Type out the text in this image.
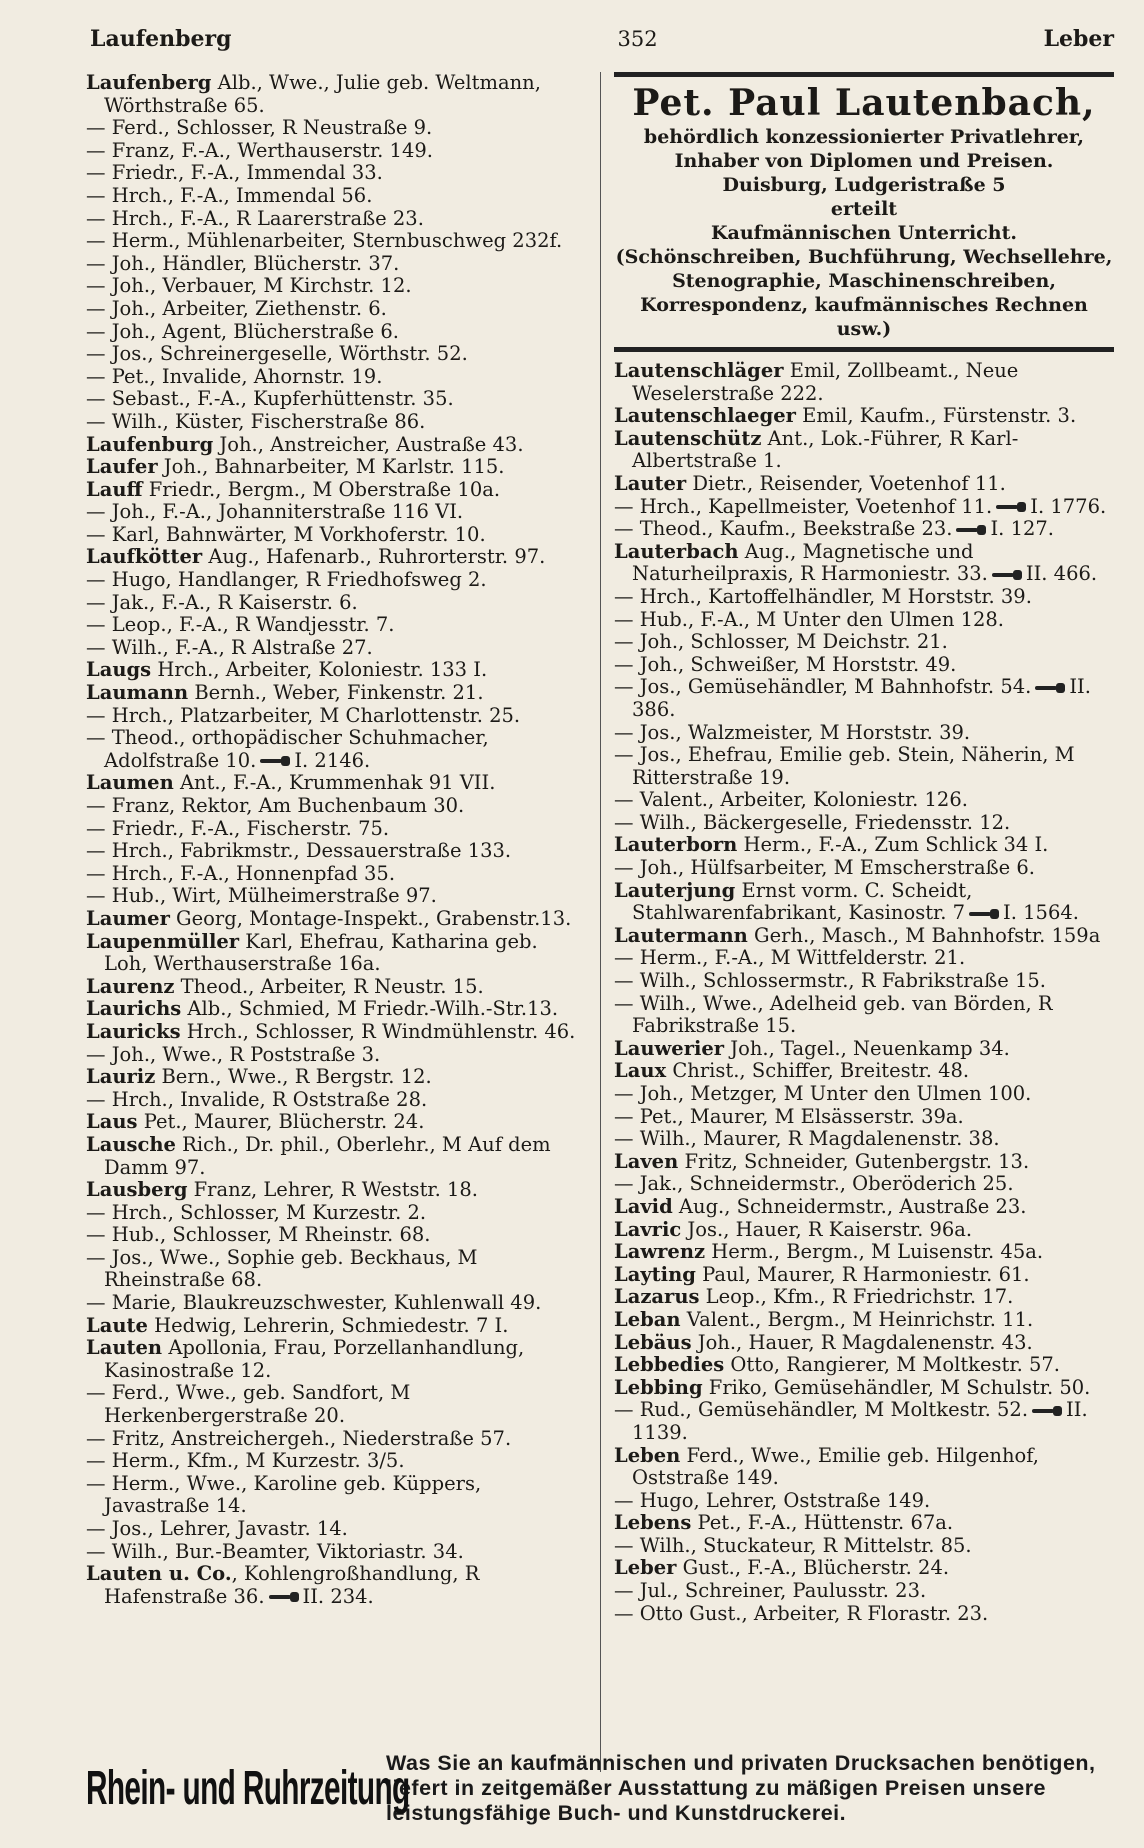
Laufenberg	352	Leber

Laufenberg Alb., Wwe., Julie geb. Weltmann, Wörthstraße 65.

— Ferd., Schlosser, R Neustraße 9.

— Franz, F.-A., Werthauserstr. 149.

— Friedr., F.-A., Immendal 33.

— Hrch., F.-A., Immendal 56.

— Hrch., F.-A., R Laarerstraße 23.

— Herm., Mühlenarbeiter, Sternbuschweg 232f.

— Joh., Händler, Blücherstr. 37.

— Joh., Verbauer, M Kirchstr. 12.

— Joh., Arbeiter, Ziethenstr. 6.

— Joh., Agent, Blücherstraße 6.

— Jos., Schreinergeselle, Wörthstr. 52.

— Pet., Invalide, Ahornstr. 19.

— Sebast., F.-A., Kupferhüttenstr. 35.

— Wilh., Küster, Fischerstraße 86.

Laufenburg Joh., Anstreicher, Austraße 43.

Laufer Joh., Bahnarbeiter, M Karlstr. 115.

Lauff Friedr., Bergm., M Oberstraße 10a.

— Joh., F.-A., Johanniterstraße 116 VI.

— Karl, Bahnwärter, M Vorkhoferstr. 10.

Laufkötter Aug., Hafenarb., Ruhrorterstr. 97.

— Hugo, Handlanger, R Friedhofsweg 2.

— Jak., F.-A., R Kaiserstr. 6.

— Leop., F.-A., R Wandjesstr. 7.

— Wilh., F.-A., R Alstraße 27.

Laugs Hrch., Arbeiter, Koloniestr. 133 I.

Laumann Bernh., Weber, Finkenstr. 21.

— Hrch., Platzarbeiter, M Charlottenstr. 25.

— Theod., orthopädischer Schuhmacher, Adolfstraße 10. I. 2146.

Laumen Ant., F.-A., Krummenhak 91 VII.

— Franz, Rektor, Am Buchenbaum 30.

— Friedr., F.-A., Fischerstr. 75.

— Hrch., Fabrikmstr., Dessauerstraße 133.

— Hrch., F.-A., Honnenpfad 35.

— Hub., Wirt, Mülheimerstraße 97.

Laumer Georg, Montage-Inspekt., Grabenstr.13.

Laupenmüller Karl, Ehefrau, Katharina geb. Loh, Werthauserstraße 16a.

Laurenz Theod., Arbeiter, R Neustr. 15.

Laurichs Alb., Schmied, M Friedr.-Wilh.-Str.13.

Lauricks Hrch., Schlosser, R Windmühlenstr. 46.

— Joh., Wwe., R Poststraße 3.

Lauriz Bern., Wwe., R Bergstr. 12.

— Hrch., Invalide, R Oststraße 28.

Laus Pet., Maurer, Blücherstr. 24.

Lausche Rich., Dr. phil., Oberlehr., M Auf dem Damm 97.

Lausberg Franz, Lehrer, R Weststr. 18.

— Hrch., Schlosser, M Kurzestr. 2.

— Hub., Schlosser, M Rheinstr. 68.

— Jos., Wwe., Sophie geb. Beckhaus, M Rheinstraße 68.

— Marie, Blaukreuzschwester, Kuhlenwall 49.

Laute Hedwig, Lehrerin, Schmiedestr. 7 I.

Lauten Apollonia, Frau, Porzellanhandlung, Kasinostraße 12.

— Ferd., Wwe., geb. Sandfort, M Herkenbergerstraße 20.

— Fritz, Anstreichergeh., Niederstraße 57.

— Herm., Kfm., M Kurzestr. 3/5.

— Herm., Wwe., Karoline geb. Küppers, Javastraße 14.

— Jos., Lehrer, Javastr. 14.

— Wilh., Bur.-Beamter, Viktoriastr. 34.

Lauten u. Co., Kohlengroßhandlung, R Hafenstraße 36. II. 234.

Pet. Paul Lautenbach,
behördlich konzessionierter Privatlehrer,
Inhaber von Diplomen und Preisen.
Duisburg, Ludgeristraße 5
erteilt
Kaufmännischen Unterricht.
(Schönschreiben, Buchführung, Wechsellehre,
Stenographie, Maschinenschreiben, Korrespondenz, kaufmännisches Rechnen usw.)

Lautenschläger Emil, Zollbeamt., Neue Weselerstraße 222.

Lautenschlaeger Emil, Kaufm., Fürstenstr. 3.

Lautenschütz Ant., Lok.-Führer, R Karl-Albertstraße 1.

Lauter Dietr., Reisender, Voetenhof 11.

— Hrch., Kapellmeister, Voetenhof 11. I. 1776.

— Theod., Kaufm., Beekstraße 23. I. 127.

Lauterbach Aug., Magnetische und Naturheilpraxis, R Harmoniestr. 33. II. 466.

— Hrch., Kartoffelhändler, M Horststr. 39.

— Hub., F.-A., M Unter den Ulmen 128.

— Joh., Schlosser, M Deichstr. 21.

— Joh., Schweißer, M Horststr. 49.

— Jos., Gemüsehändler, M Bahnhofstr. 54. II. 386.

— Jos., Walzmeister, M Horststr. 39.

— Jos., Ehefrau, Emilie geb. Stein, Näherin, M Ritterstraße 19.

— Valent., Arbeiter, Koloniestr. 126.

— Wilh., Bäckergeselle, Friedensstr. 12.

Lauterborn Herm., F.-A., Zum Schlick 34 I.

— Joh., Hülfsarbeiter, M Emscherstraße 6.

Lauterjung Ernst vorm. C. Scheidt, Stahlwarenfabrikant, Kasinostr. 7 I. 1564.

Lautermann Gerh., Masch., M Bahnhofstr. 159a

— Herm., F.-A., M Wittfelderstr. 21.

— Wilh., Schlossermstr., R Fabrikstraße 15.

— Wilh., Wwe., Adelheid geb. van Börden, R Fabrikstraße 15.

Lauwerier Joh., Tagel., Neuenkamp 34.

Laux Christ., Schiffer, Breitestr. 48.

— Joh., Metzger, M Unter den Ulmen 100.

— Pet., Maurer, M Elsässerstr. 39a.

— Wilh., Maurer, R Magdalenenstr. 38.

Laven Fritz, Schneider, Gutenbergstr. 13.

— Jak., Schneidermstr., Oberöderich 25.

Lavid Aug., Schneidermstr., Austraße 23.

Lavric Jos., Hauer, R Kaiserstr. 96a.

Lawrenz Herm., Bergm., M Luisenstr. 45a.

Layting Paul, Maurer, R Harmoniestr. 61.

Lazarus Leop., Kfm., R Friedrichstr. 17.

Leban Valent., Bergm., M Heinrichstr. 11.

Lebäus Joh., Hauer, R Magdalenenstr. 43.

Lebbedies Otto, Rangierer, M Moltkestr. 57.

Lebbing Friko, Gemüsehändler, M Schulstr. 50.

— Rud., Gemüsehändler, M Moltkestr. 52. II. 1139.

Leben Ferd., Wwe., Emilie geb. Hilgenhof, Oststraße 149.

— Hugo, Lehrer, Oststraße 149.

Lebens Pet., F.-A., Hüttenstr. 67a.

— Wilh., Stuckateur, R Mittelstr. 85.

Leber Gust., F.-A., Blücherstr. 24.

— Jul., Schreiner, Paulusstr. 23.

— Otto Gust., Arbeiter, R Florastr. 23.

Rhein- und Ruhrzeitung
Was Sie an kaufmännischen und privaten Drucksachen benötigen, liefert in zeitgemäßer Ausstattung zu mäßigen Preisen unsere leistungsfähige Buch- und Kunstdruckerei.
